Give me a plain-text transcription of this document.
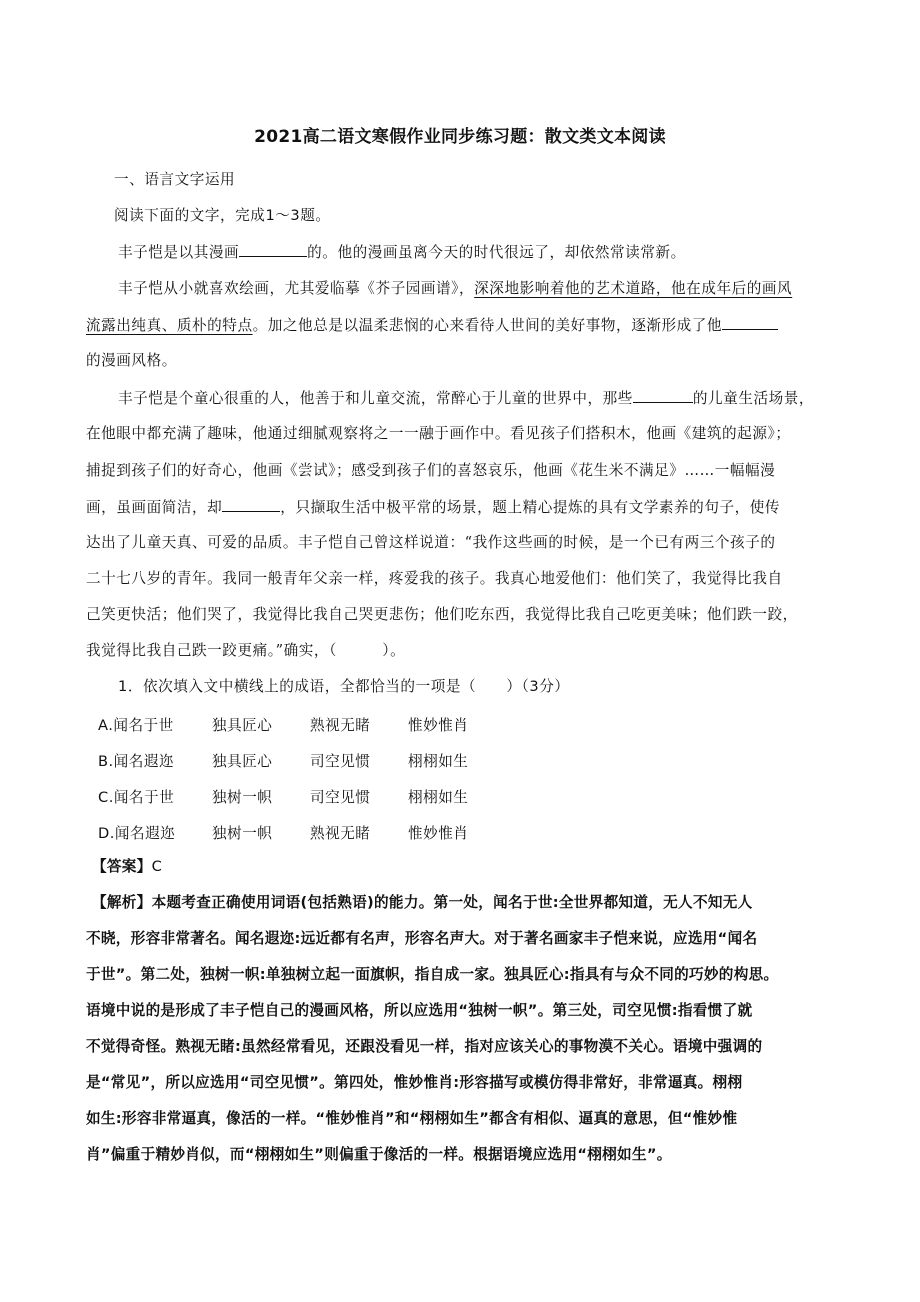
2021高二语文寒假作业同步练习题：散文类文本阅读
一、语言文字运用
阅读下面的文字，完成1～3题。
丰子恺是以其漫画	的。他的漫画虽离今天的时代很远了，却依然常读常新。
丰子恺从小就喜欢绘画，尤其爱临摹《芥子园画谱》，深深地影响着他的艺术道路，他在成年后的画风
流露出纯真、质朴的特点。加之他总是以温柔悲悯的心来看待人世间的美好事物，逐渐形成了他
的漫画风格。
丰子恺是个童心很重的人，他善于和儿童交流，常醉心于儿童的世界中，那些	的儿童生活场景，
在他眼中都充满了趣味，他通过细腻观察将之一一融于画作中。看见孩子们搭积木，他画《建筑的起源》；
捕捉到孩子们的好奇心，他画《尝试》；感受到孩子们的喜怒哀乐，他画《花生米不满足》……一幅幅漫
画，虽画面简洁，却	，只撷取生活中极平常的场景，题上精心提炼的具有文学素养的句子，使传
达出了儿童天真、可爱的品质。丰子恺自己曾这样说道：“我作这些画的时候，是一个已有两三个孩子的
二十七八岁的青年。我同一般青年父亲一样，疼爱我的孩子。我真心地爱他们：他们笑了，我觉得比我自
己笑更快活；他们哭了，我觉得比我自己哭更悲伤；他们吃东西，我觉得比我自己吃更美味；他们跌一跤，
我觉得比我自己跌一跤更痛。”确实，（　　　）。
1．依次填入文中横线上的成语，全都恰当的一项是（　　）（3分）
A.闻名于世	独具匠心	熟视无睹	惟妙惟肖
B.闻名遐迩	独具匠心	司空见惯	栩栩如生
C.闻名于世	独树一帜	司空见惯	栩栩如生
D.闻名遐迩	独树一帜	熟视无睹	惟妙惟肖
【答案】C
【解析】本题考查正确使用词语(包括熟语)的能力。第一处，闻名于世:全世界都知道，无人不知无人
不晓，形容非常著名。闻名遐迩:远近都有名声，形容名声大。对于著名画家丰子恺来说，应选用“闻名
于世”。第二处，独树一帜:单独树立起一面旗帜，指自成一家。独具匠心:指具有与众不同的巧妙的构思。
语境中说的是形成了丰子恺自己的漫画风格，所以应选用“独树一帜”。第三处，司空见惯:指看惯了就
不觉得奇怪。熟视无睹:虽然经常看见，还跟没看见一样，指对应该关心的事物漠不关心。语境中强调的
是“常见”，所以应选用“司空见惯”。第四处，惟妙惟肖:形容描写或模仿得非常好，非常逼真。栩栩
如生:形容非常逼真，像活的一样。“惟妙惟肖”和“栩栩如生”都含有相似、逼真的意思，但“惟妙惟
肖”偏重于精妙肖似，而“栩栩如生”则偏重于像活的一样。根据语境应选用“栩栩如生”。
